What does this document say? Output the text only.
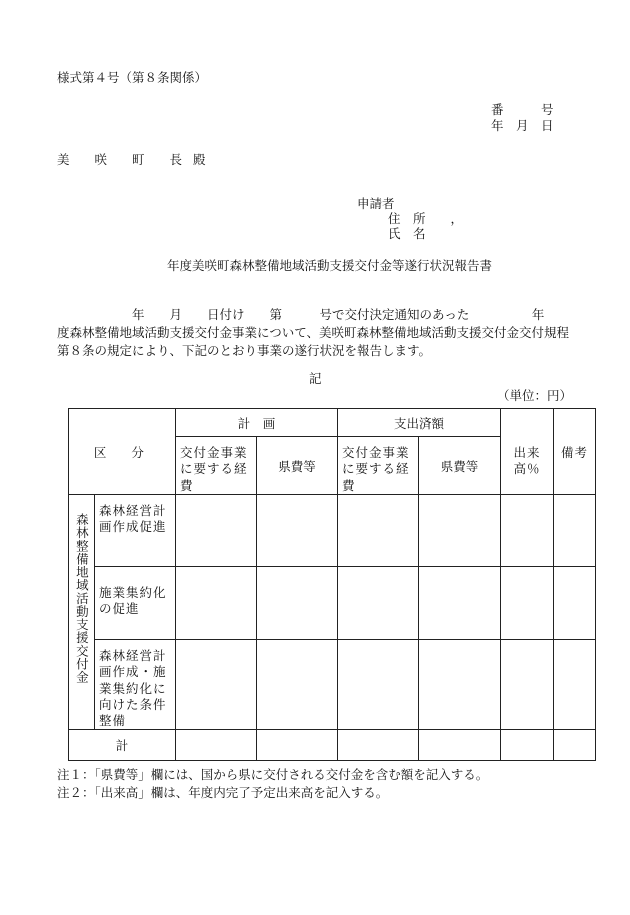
様式第４号（第８条関係）
番　　　号
年　月　日
美　咲　町　長 殿
申請者
住　所　　，
氏　名
年度美咲町森林整備地域活動支援交付金等遂行状況報告書
　　　　　　年　　月　　日付け　　第　　　号で交付決定通知のあった　　　　　年
度森林整備地域活動支援交付金事業について、美咲町森林整備地域活動支援交付金交付規程第８条の規定により、下記のとおり事業の遂行状況を報告します。
記
（単位：円）
区　分		計　画		支出済額		出来高％	備考
		交付金事業に要する経費	県費等	交付金事業に要する経費	県費等		

森林整備地域活動支援交付金	森林経営計画作成促進						
	施業集約化の促進						
	森林経営計画作成・施業集約化に向けた条件整備						
計							
注１：「県費等」欄には、国から県に交付される交付金を含む額を記入する。
注２：「出来高」欄は、年度内完了予定出来高を記入する。
